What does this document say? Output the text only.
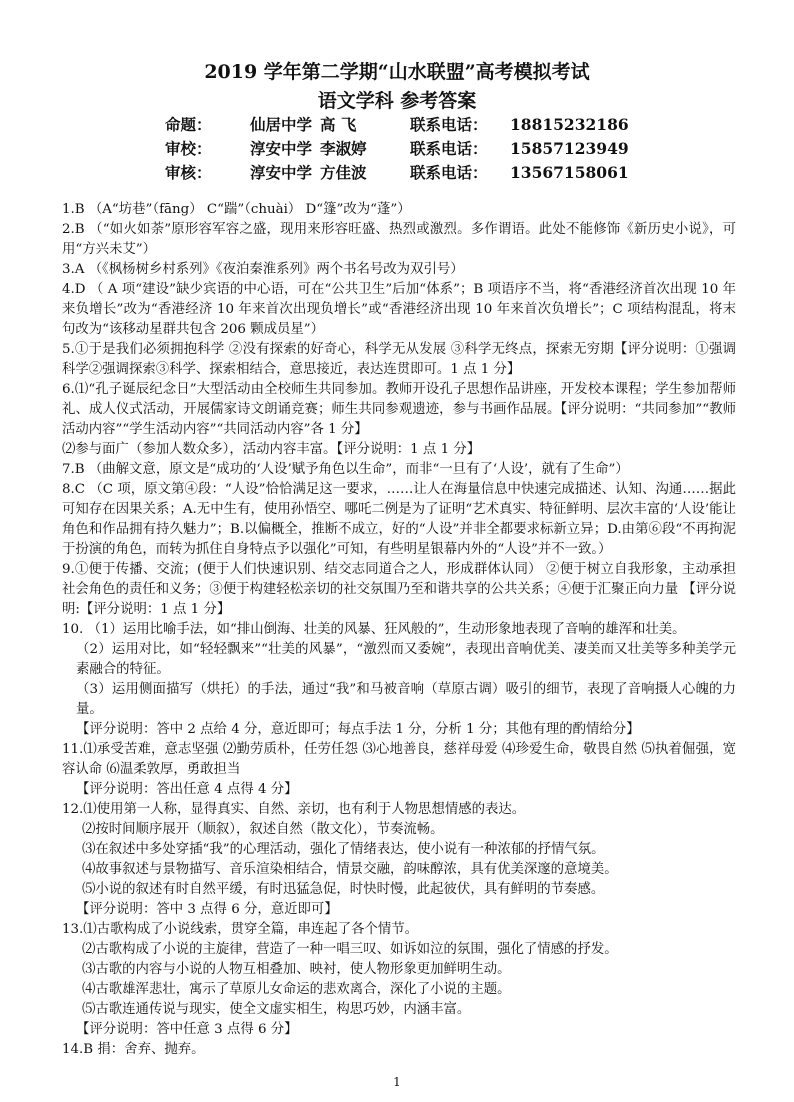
2019 学年第二学期“山水联盟”高考模拟考试
语文学科 参考答案
命题：	仙居中学 高 飞	联系电话：	18815232186
审校：	淳安中学 李淑婷	联系电话：	15857123949
审核：	淳安中学 方佳波	联系电话：	13567158061

1.B （A“坊巷”（fāng） C“踹”（chuài） D“篷”改为“蓬”）

2.B （“如火如荼”原形容军容之盛，现用来形容旺盛、热烈或激烈。多作谓语。此处不能修饰《新历史小说》，可用“方兴未艾”）

3.A （《枫杨树乡村系列》《夜泊秦淮系列》两个书名号改为双引号）

4.D （ A 项“建设”缺少宾语的中心语，可在“公共卫生”后加“体系”；B 项语序不当，将“香港经济首次出现 10 年来负增长”改为“香港经济 10 年来首次出现负增长”或“香港经济出现 10 年来首次负增长”；C 项结构混乱，将末句改为“该移动星群共包含 206 颗成员星”）

5.①于是我们必须拥抱科学 ②没有探索的好奇心，科学无从发展 ③科学无终点，探索无穷期【评分说明：①强调科学②强调探索③科学、探索相结合，意思接近，表达连贯即可。1 点 1 分】

6.⑴“孔子诞辰纪念日”大型活动由全校师生共同参加。教师开设孔子思想作品讲座，开发校本课程；学生参加帮师礼、成人仪式活动，开展儒家诗文朗诵竞赛；师生共同参观遗迹，参与书画作品展。【评分说明：“共同参加”“教师活动内容”“学生活动内容”“共同活动内容”各 1 分】

⑵参与面广（参加人数众多），活动内容丰富。【评分说明：1 点 1 分】

7.B （曲解文意，原文是“成功的‘人设’赋予角色以生命”，而非“一旦有了‘人设’，就有了生命”）

8.C （C 项，原文第④段：“人设”恰恰满足这一要求，……让人在海量信息中快速完成描述、认知、沟通……据此可知存在因果关系；A.无中生有，使用孙悟空、哪吒二例是为了证明“艺术真实、特征鲜明、层次丰富的‘人设’能让角色和作品拥有持久魅力”；B.以偏概全，推断不成立，好的“人设”并非全都要求标新立异；D.由第⑥段“不再拘泥于扮演的角色，而转为抓住自身特点予以强化”可知，有些明星银幕内外的“人设”并不一致。）

9.①便于传播、交流；(便于人们快速识别、结交志同道合之人，形成群体认同） ②便于树立自我形象，主动承担社会角色的责任和义务；③便于构建轻松亲切的社交氛围乃至和谐共享的公共关系；④便于汇聚正向力量 【评分说明:【评分说明：1 点 1 分】

10. （1）运用比喻手法，如“排山倒海、壮美的风暴、狂风般的”，生动形象地表现了音响的雄浑和壮美。

（2）运用对比，如“轻轻飘来”“壮美的风暴”，“激烈而又委婉”，表现出音响优美、凄美而又壮美等多种美学元素融合的特征。

（3）运用侧面描写（烘托）的手法，通过“我”和马被音响（草原古调）吸引的细节，表现了音响摄人心魄的力量。

【评分说明：答中 2 点给 4 分，意近即可；每点手法 1 分，分析 1 分；其他有理的酌情给分】

11.⑴承受苦难，意志坚强 ⑵勤劳质朴，任劳任怨 ⑶心地善良，慈祥母爱 ⑷珍爱生命，敬畏自然 ⑸执着倔强，宽容认命 ⑹温柔敦厚，勇敢担当

【评分说明：答出任意 4 点得 4 分】

12.⑴使用第一人称，显得真实、自然、亲切，也有利于人物思想情感的表达。

⑵按时间顺序展开（顺叙），叙述自然（散文化），节奏流畅。

⑶在叙述中多处穿插“我”的心理活动，强化了情绪表达，使小说有一种浓郁的抒情气氛。

⑷故事叙述与景物描写、音乐渲染相结合，情景交融，韵味醇浓，具有优美深邃的意境美。

⑸小说的叙述有时自然平缓，有时迅猛急促，时快时慢，此起彼伏，具有鲜明的节奏感。

【评分说明：答中 3 点得 6 分，意近即可】

13.⑴古歌构成了小说线索，贯穿全篇，串连起了各个情节。

⑵古歌构成了小说的主旋律，营造了一种一唱三叹、如诉如泣的氛围，强化了情感的抒发。

⑶古歌的内容与小说的人物互相叠加、映衬，使人物形象更加鲜明生动。

⑷古歌雄浑悲壮，寓示了草原儿女命运的悲欢离合，深化了小说的主题。

⑸古歌连通传说与现实，使全文虚实相生，构思巧妙，内涵丰富。

【评分说明：答中任意 3 点得 6 分】

14.B 捐：舍弃、抛弃。

1
